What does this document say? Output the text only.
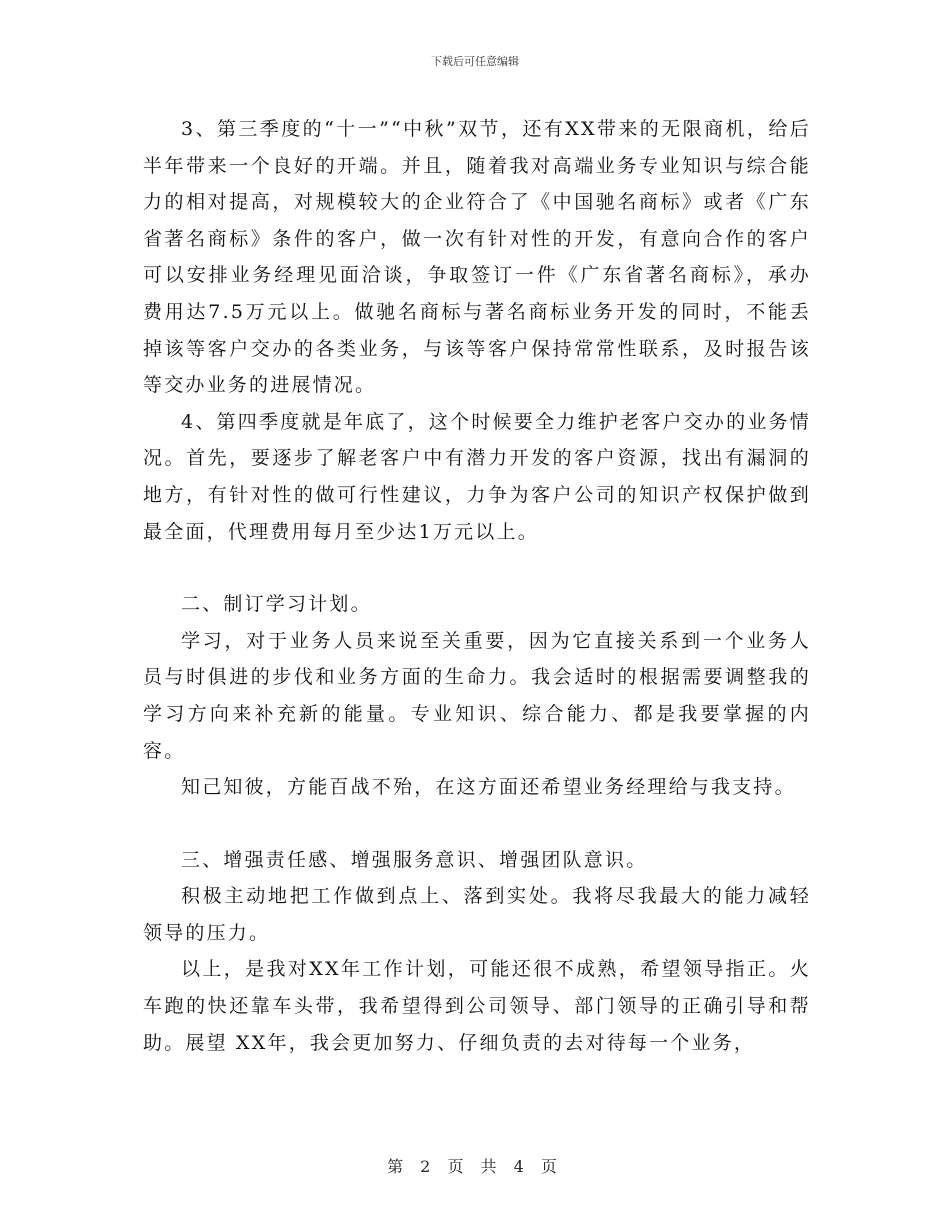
下载后可任意编辑

3、第三季度的“十一”“中秋”双节，还有XX带来的无限商机，给后半年带来一个良好的开端。并且，随着我对高端业务专业知识与综合能力的相对提高，对规模较大的企业符合了《中国驰名商标》或者《广东省著名商标》条件的客户，做一次有针对性的开发，有意向合作的客户可以安排业务经理见面洽谈，争取签订一件《广东省著名商标》，承办费用达7.5万元以上。做驰名商标与著名商标业务开发的同时，不能丢掉该等客户交办的各类业务，与该等客户保持常常性联系，及时报告该等交办业务的进展情况。

4、第四季度就是年底了，这个时候要全力维护老客户交办的业务情况。首先，要逐步了解老客户中有潜力开发的客户资源，找出有漏洞的地方，有针对性的做可行性建议，力争为客户公司的知识产权保护做到最全面，代理费用每月至少达1万元以上。

二、制订学习计划。

学习，对于业务人员来说至关重要，因为它直接关系到一个业务人员与时俱进的步伐和业务方面的生命力。我会适时的根据需要调整我的学习方向来补充新的能量。专业知识、综合能力、都是我要掌握的内容。

知己知彼，方能百战不殆，在这方面还希望业务经理给与我支持。

三、增强责任感、增强服务意识、增强团队意识。

积极主动地把工作做到点上、落到实处。我将尽我最大的能力减轻领导的压力。

以上，是我对XX年工作计划，可能还很不成熟，希望领导指正。火车跑的快还靠车头带，我希望得到公司领导、部门领导的正确引导和帮助。展望 XX年，我会更加努力、仔细负责的去对待每一个业务，

第 2 页 共 4 页
